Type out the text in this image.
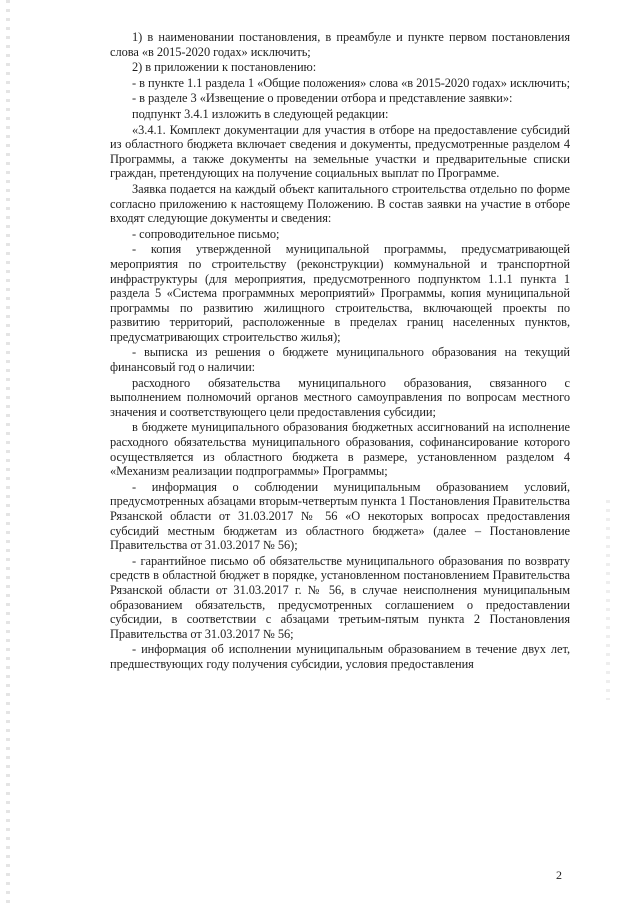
1) в наименовании постановления, в преамбуле и пункте первом постановления слова «в 2015-2020 годах» исключить;

2) в приложении к постановлению:

- в пункте 1.1 раздела 1 «Общие положения» слова «в 2015-2020 годах» исключить;

- в разделе 3 «Извещение о проведении отбора и представление заявки»:

подпункт 3.4.1 изложить в следующей редакции:

«3.4.1. Комплект документации для участия в отборе на предоставление субсидий из областного бюджета включает сведения и документы, предусмотренные разделом 4 Программы, а также документы на земельные участки и предварительные списки граждан, претендующих на получение социальных выплат по Программе.

Заявка подается на каждый объект капитального строительства отдельно по форме согласно приложению к настоящему Положению. В состав заявки на участие в отборе входят следующие документы и сведения:

- сопроводительное письмо;

- копия утвержденной муниципальной программы, предусматривающей мероприятия по строительству (реконструкции) коммунальной и транспортной инфраструктуры (для мероприятия, предусмотренного подпунктом 1.1.1 пункта 1 раздела 5 «Система программных мероприятий» Программы, копия муниципальной программы по развитию жилищного строительства, включающей проекты по развитию территорий, расположенные в пределах границ населенных пунктов, предусматривающих строительство жилья);

- выписка из решения о бюджете муниципального образования на текущий финансовый год о наличии:

расходного обязательства муниципального образования, связанного с выполнением полномочий органов местного самоуправления по вопросам местного значения и соответствующего цели предоставления субсидии;

в бюджете муниципального образования бюджетных ассигнований на исполнение расходного обязательства муниципального образования, софинансирование которого осуществляется из областного бюджета в размере, установленном разделом 4 «Механизм реализации подпрограммы» Программы;

- информация о соблюдении муниципальным образованием условий, предусмотренных абзацами вторым-четвертым пункта 1 Постановления Правительства Рязанской области от 31.03.2017 № 56 «О некоторых вопросах предоставления субсидий местным бюджетам из областного бюджета» (далее – Постановление Правительства от 31.03.2017 № 56);

- гарантийное письмо об обязательстве муниципального образования по возврату средств в областной бюджет в порядке, установленном постановлением Правительства Рязанской области от 31.03.2017 г. № 56, в случае неисполнения муниципальным образованием обязательств, предусмотренных соглашением о предоставлении субсидии, в соответствии с абзацами третьим-пятым пункта 2 Постановления Правительства от 31.03.2017 № 56;

- информация об исполнении муниципальным образованием в течение двух лет, предшествующих году получения субсидии, условия предоставления

2
